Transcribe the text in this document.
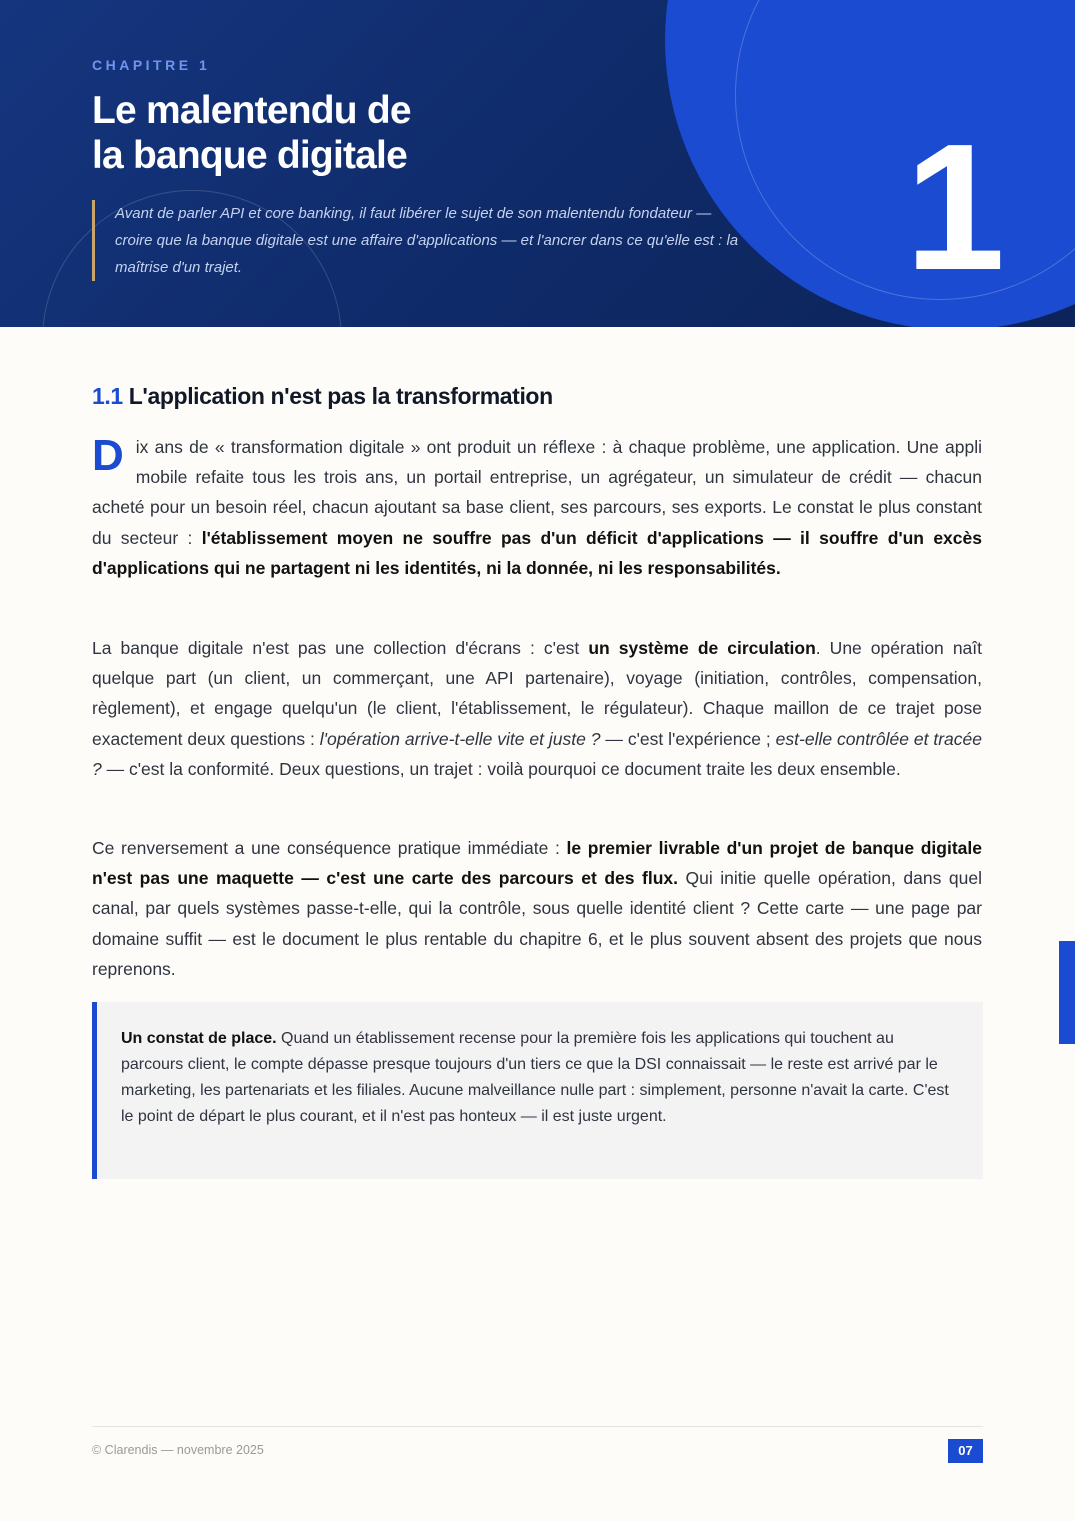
CHAPITRE 1
Le malentendu de
la banque digitale	1

Avant de parler API et core banking, il faut libérer le sujet de son malentendu fondateur — croire que la banque digitale est une affaire d'applications — et l'ancrer dans ce qu'elle est : la maîtrise d'un trajet.

1.1 L'application n'est pas la transformation

Dix ans de « transformation digitale » ont produit un réflexe : à chaque problème, une application. Une appli mobile refaite tous les trois ans, un portail entreprise, un agrégateur, un simulateur de crédit — chacun acheté pour un besoin réel, chacun ajoutant sa base client, ses parcours, ses exports. Le constat le plus constant du secteur : l'établissement moyen ne souffre pas d'un déficit d'applications — il souffre d'un excès d'applications qui ne partagent ni les identités, ni la donnée, ni les responsabilités.

La banque digitale n'est pas une collection d'écrans : c'est un système de circulation. Une opération naît quelque part (un client, un commerçant, une API partenaire), voyage (initiation, contrôles, compensation, règlement), et engage quelqu'un (le client, l'établissement, le régulateur). Chaque maillon de ce trajet pose exactement deux questions : l'opération arrive-t-elle vite et juste ? — c'est l'expérience ; est-elle contrôlée et tracée ? — c'est la conformité. Deux questions, un trajet : voilà pourquoi ce document traite les deux ensemble.

Ce renversement a une conséquence pratique immédiate : le premier livrable d'un projet de banque digitale n'est pas une maquette — c'est une carte des parcours et des flux. Qui initie quelle opération, dans quel canal, par quels systèmes passe-t-elle, qui la contrôle, sous quelle identité client ? Cette carte — une page par domaine suffit — est le document le plus rentable du chapitre 6, et le plus souvent absent des projets que nous reprenons.

Un constat de place. Quand un établissement recense pour la première fois les applications qui touchent au parcours client, le compte dépasse presque toujours d'un tiers ce que la DSI connaissait — le reste est arrivé par le marketing, les partenariats et les filiales. Aucune malveillance nulle part : simplement, personne n'avait la carte. C'est le point de départ le plus courant, et il n'est pas honteux — il est juste urgent.
© Clarendis — novembre 2025	07
